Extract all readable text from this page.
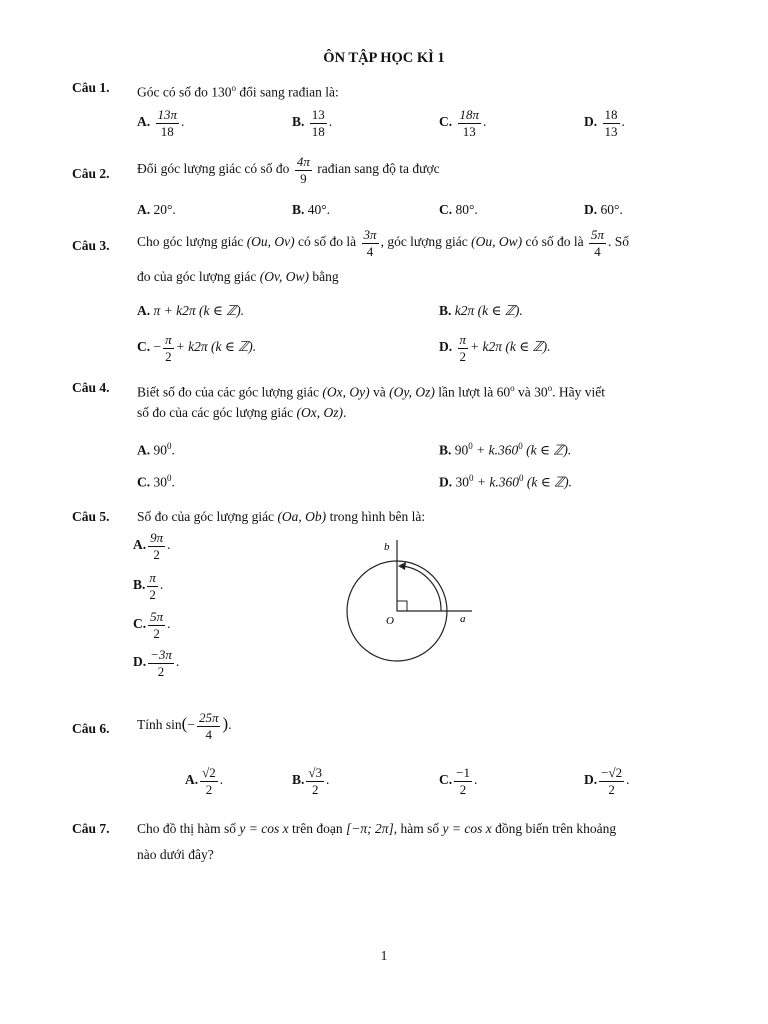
ÔN TẬP HỌC KÌ 1
Câu 1. Góc có số đo 130$^o$ đổi sang rađian là:
A. $\frac{13\pi}{18}$ .	B. $\frac{13}{18}$ .	C. $\frac{18\pi}{13}$ .	D. $\frac{18}{13}$ .
Câu 2. Đổi góc lượng giác có số đo $\frac{4\pi}{9}$ rađian sang độ ta được
A. 20°.	B. 40°.	C. 80°.	D. 60°.
Câu 3. Cho góc lượng giác (Ou, Ov) có số đo là $\frac{3\pi}{4}$ , góc lượng giác (Ou, Ow) có số đo là $\frac{5\pi}{4}$ . Số
đo của góc lượng giác (Ov, Ow) bằng
A. π + k2π (k ∈ ℤ).	B. k2π (k ∈ ℤ).
C. − $\frac{\pi}{2} + k2\pi$ (k ∈ ℤ).	D. $\frac{\pi}{2} + k2\pi$ (k ∈ ℤ).
Câu 4. Biết số đo của các góc lượng giác (Ox, Oy) và (Oy, Oz) lần lượt là 60$^o$ và 30$^o$. Hãy viết
số đo của các góc lượng giác (Ox, Oz).
A. $90^0$.	B. $90^0 + k.360^0$ (k ∈ ℤ).
C. $30^0$.	D. $30^0 + k.360^0$ (k ∈ ℤ).
Câu 5. Số đo của góc lượng giác (Oa, Ob) trong hình bên là:
A. $\frac{9\pi}{2}$ .
B. $\frac{\pi}{2}$ .
C. $\frac{5\pi}{2}$ .
D. $\frac{-3\pi}{2}$ .
b
O	a
Câu 6. Tính $\sin(- \frac{25\pi}{4}$ ).
A. $\frac{√2}{2}$ .	B. $\frac{√3}{2}$ .	C. $\frac{-1}{2}$ .	D. $\frac{-√2}{2}$ .
Câu 7. Cho đồ thị hàm số y = cos x trên đoạn [−π; 2π], hàm số y = cos x đồng biến trên khoảng
nào dưới đây?
1
